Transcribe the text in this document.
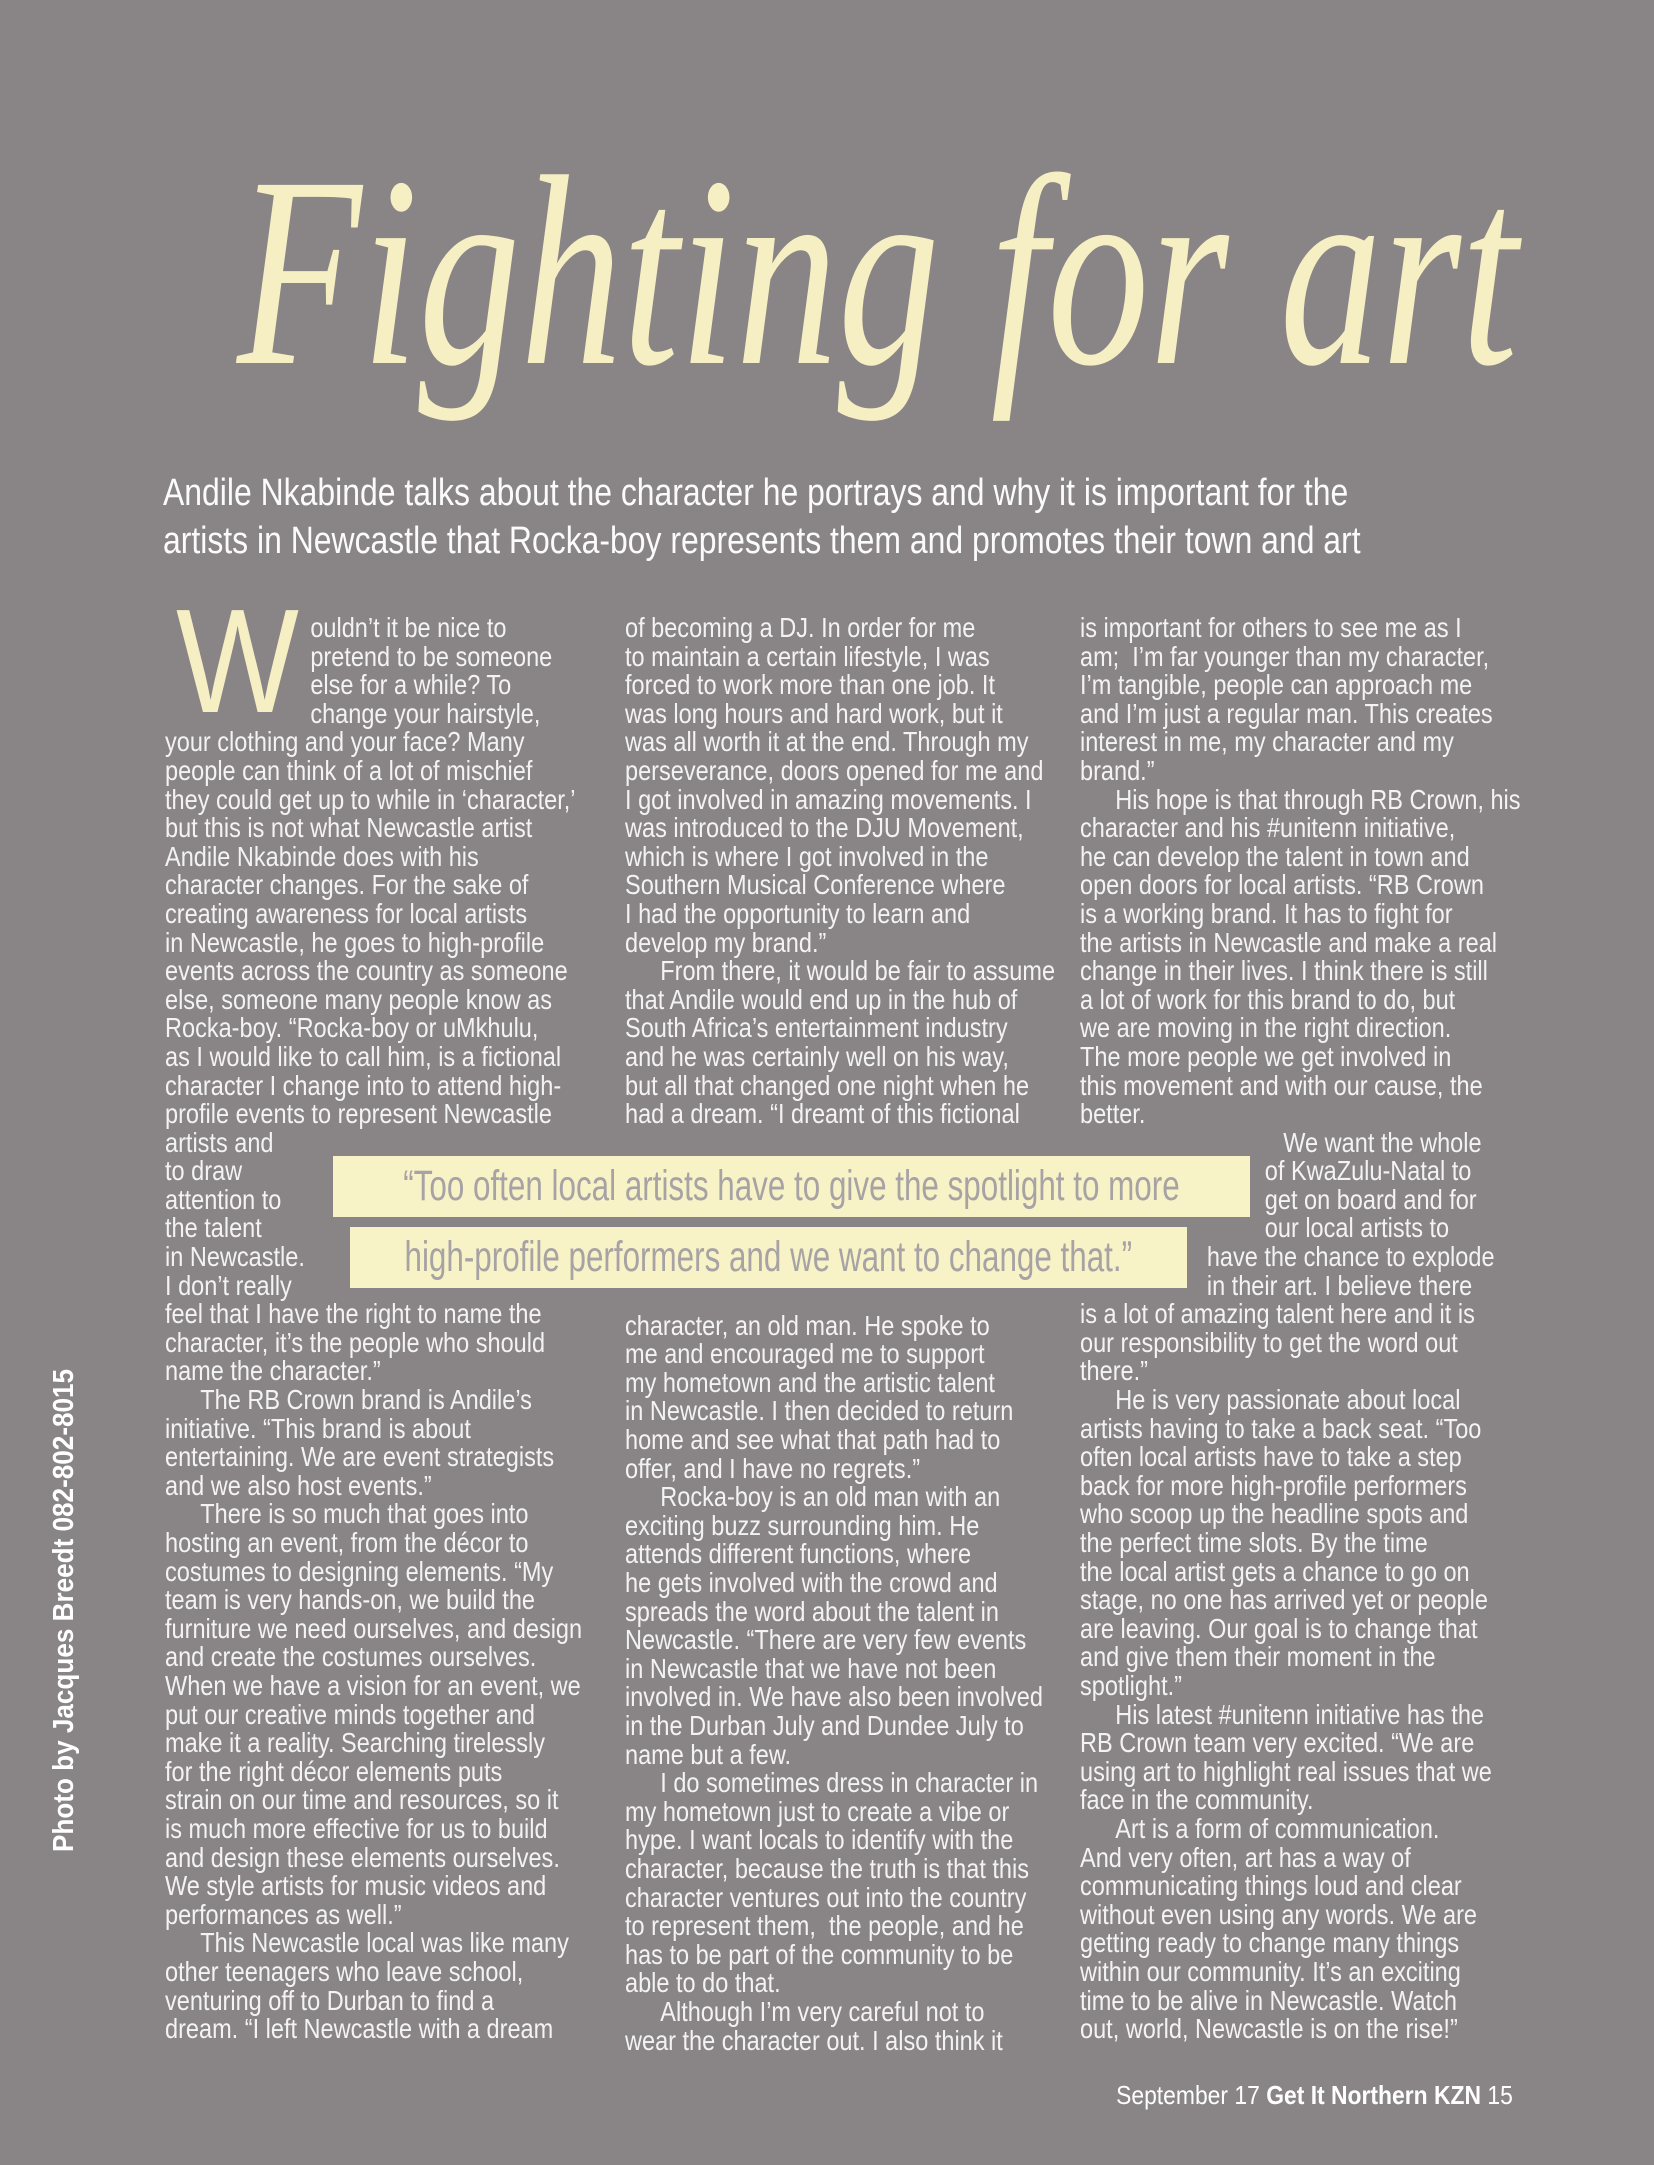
Photo by Jacques Breedt 082-802-8015
Fighting for art
Andile Nkabinde talks about the character he portrays and why it is important for the
artists in Newcastle that Rocka-boy represents them and promotes their town and art
W
“Too often local artists have to give the spotlight to more
high-profile performers and we want to change that.”
ouldn’t it be nice to
pretend to be someone
else for a while? To
change your hairstyle,
your clothing and your face? Many
people can think of a lot of mischief
they could get up to while in ‘character,’
but this is not what Newcastle artist
Andile Nkabinde does with his
character changes. For the sake of
creating awareness for local artists
in Newcastle, he goes to high-profile
events across the country as someone
else, someone many people know as
Rocka-boy. “Rocka-boy or uMkhulu,
as I would like to call him, is a fictional
character I change into to attend high-
profile events to represent Newcastle
artists and
to draw
attention to
the talent
in Newcastle.
I don’t really
feel that I have the right to name the
character, it’s the people who should
name the character.”
The RB Crown brand is Andile’s
initiative. “This brand is about
entertaining. We are event strategists
and we also host events.”
There is so much that goes into
hosting an event, from the décor to
costumes to designing elements. “My
team is very hands-on, we build the
furniture we need ourselves, and design
and create the costumes ourselves.
When we have a vision for an event, we
put our creative minds together and
make it a reality. Searching tirelessly
for the right décor elements puts
strain on our time and resources, so it
is much more effective for us to build
and design these elements ourselves.
We style artists for music videos and
performances as well.”
This Newcastle local was like many
other teenagers who leave school,
venturing off to Durban to find a
dream. “I left Newcastle with a dream
of becoming a DJ. In order for me
to maintain a certain lifestyle, I was
forced to work more than one job. It
was long hours and hard work, but it
was all worth it at the end. Through my
perseverance, doors opened for me and
I got involved in amazing movements. I
was introduced to the DJU Movement,
which is where I got involved in the
Southern Musical Conference where
I had the opportunity to learn and
develop my brand.”
From there, it would be fair to assume
that Andile would end up in the hub of
South Africa’s entertainment industry
and he was certainly well on his way,
but all that changed one night when he
had a dream. “I dreamt of this fictional
character, an old man. He spoke to
me and encouraged me to support
my hometown and the artistic talent
in Newcastle. I then decided to return
home and see what that path had to
offer, and I have no regrets.”
Rocka-boy is an old man with an
exciting buzz surrounding him. He
attends different functions, where
he gets involved with the crowd and
spreads the word about the talent in
Newcastle. “There are very few events
in Newcastle that we have not been
involved in. We have also been involved
in the Durban July and Dundee July to
name but a few.
I do sometimes dress in character in
my hometown just to create a vibe or
hype. I want locals to identify with the
character, because the truth is that this
character ventures out into the country
to represent them,  the people, and he
has to be part of the community to be
able to do that.
Although I’m very careful not to
wear the character out. I also think it
is important for others to see me as I
am;  I’m far younger than my character,
I’m tangible, people can approach me
and I’m just a regular man. This creates
interest in me, my character and my
brand.”
His hope is that through RB Crown, his
character and his #unitenn initiative,
he can develop the talent in town and
open doors for local artists. “RB Crown
is a working brand. It has to fight for
the artists in Newcastle and make a real
change in their lives. I think there is still
a lot of work for this brand to do, but
we are moving in the right direction.
The more people we get involved in
this movement and with our cause, the
better.
We want the whole
of KwaZulu-Natal to
get on board and for
our local artists to
have the chance to explode
in their art. I believe there
is a lot of amazing talent here and it is
our responsibility to get the word out
there.”
He is very passionate about local
artists having to take a back seat. “Too
often local artists have to take a step
back for more high-profile performers
who scoop up the headline spots and
the perfect time slots. By the time
the local artist gets a chance to go on
stage, no one has arrived yet or people
are leaving. Our goal is to change that
and give them their moment in the
spotlight.”
His latest #unitenn initiative has the
RB Crown team very excited. “We are
using art to highlight real issues that we
face in the community.
Art is a form of communication.
And very often, art has a way of
communicating things loud and clear
without even using any words. We are
getting ready to change many things
within our community. It’s an exciting
time to be alive in Newcastle. Watch
out, world, Newcastle is on the rise!”
September 17 Get It Northern KZN 15
